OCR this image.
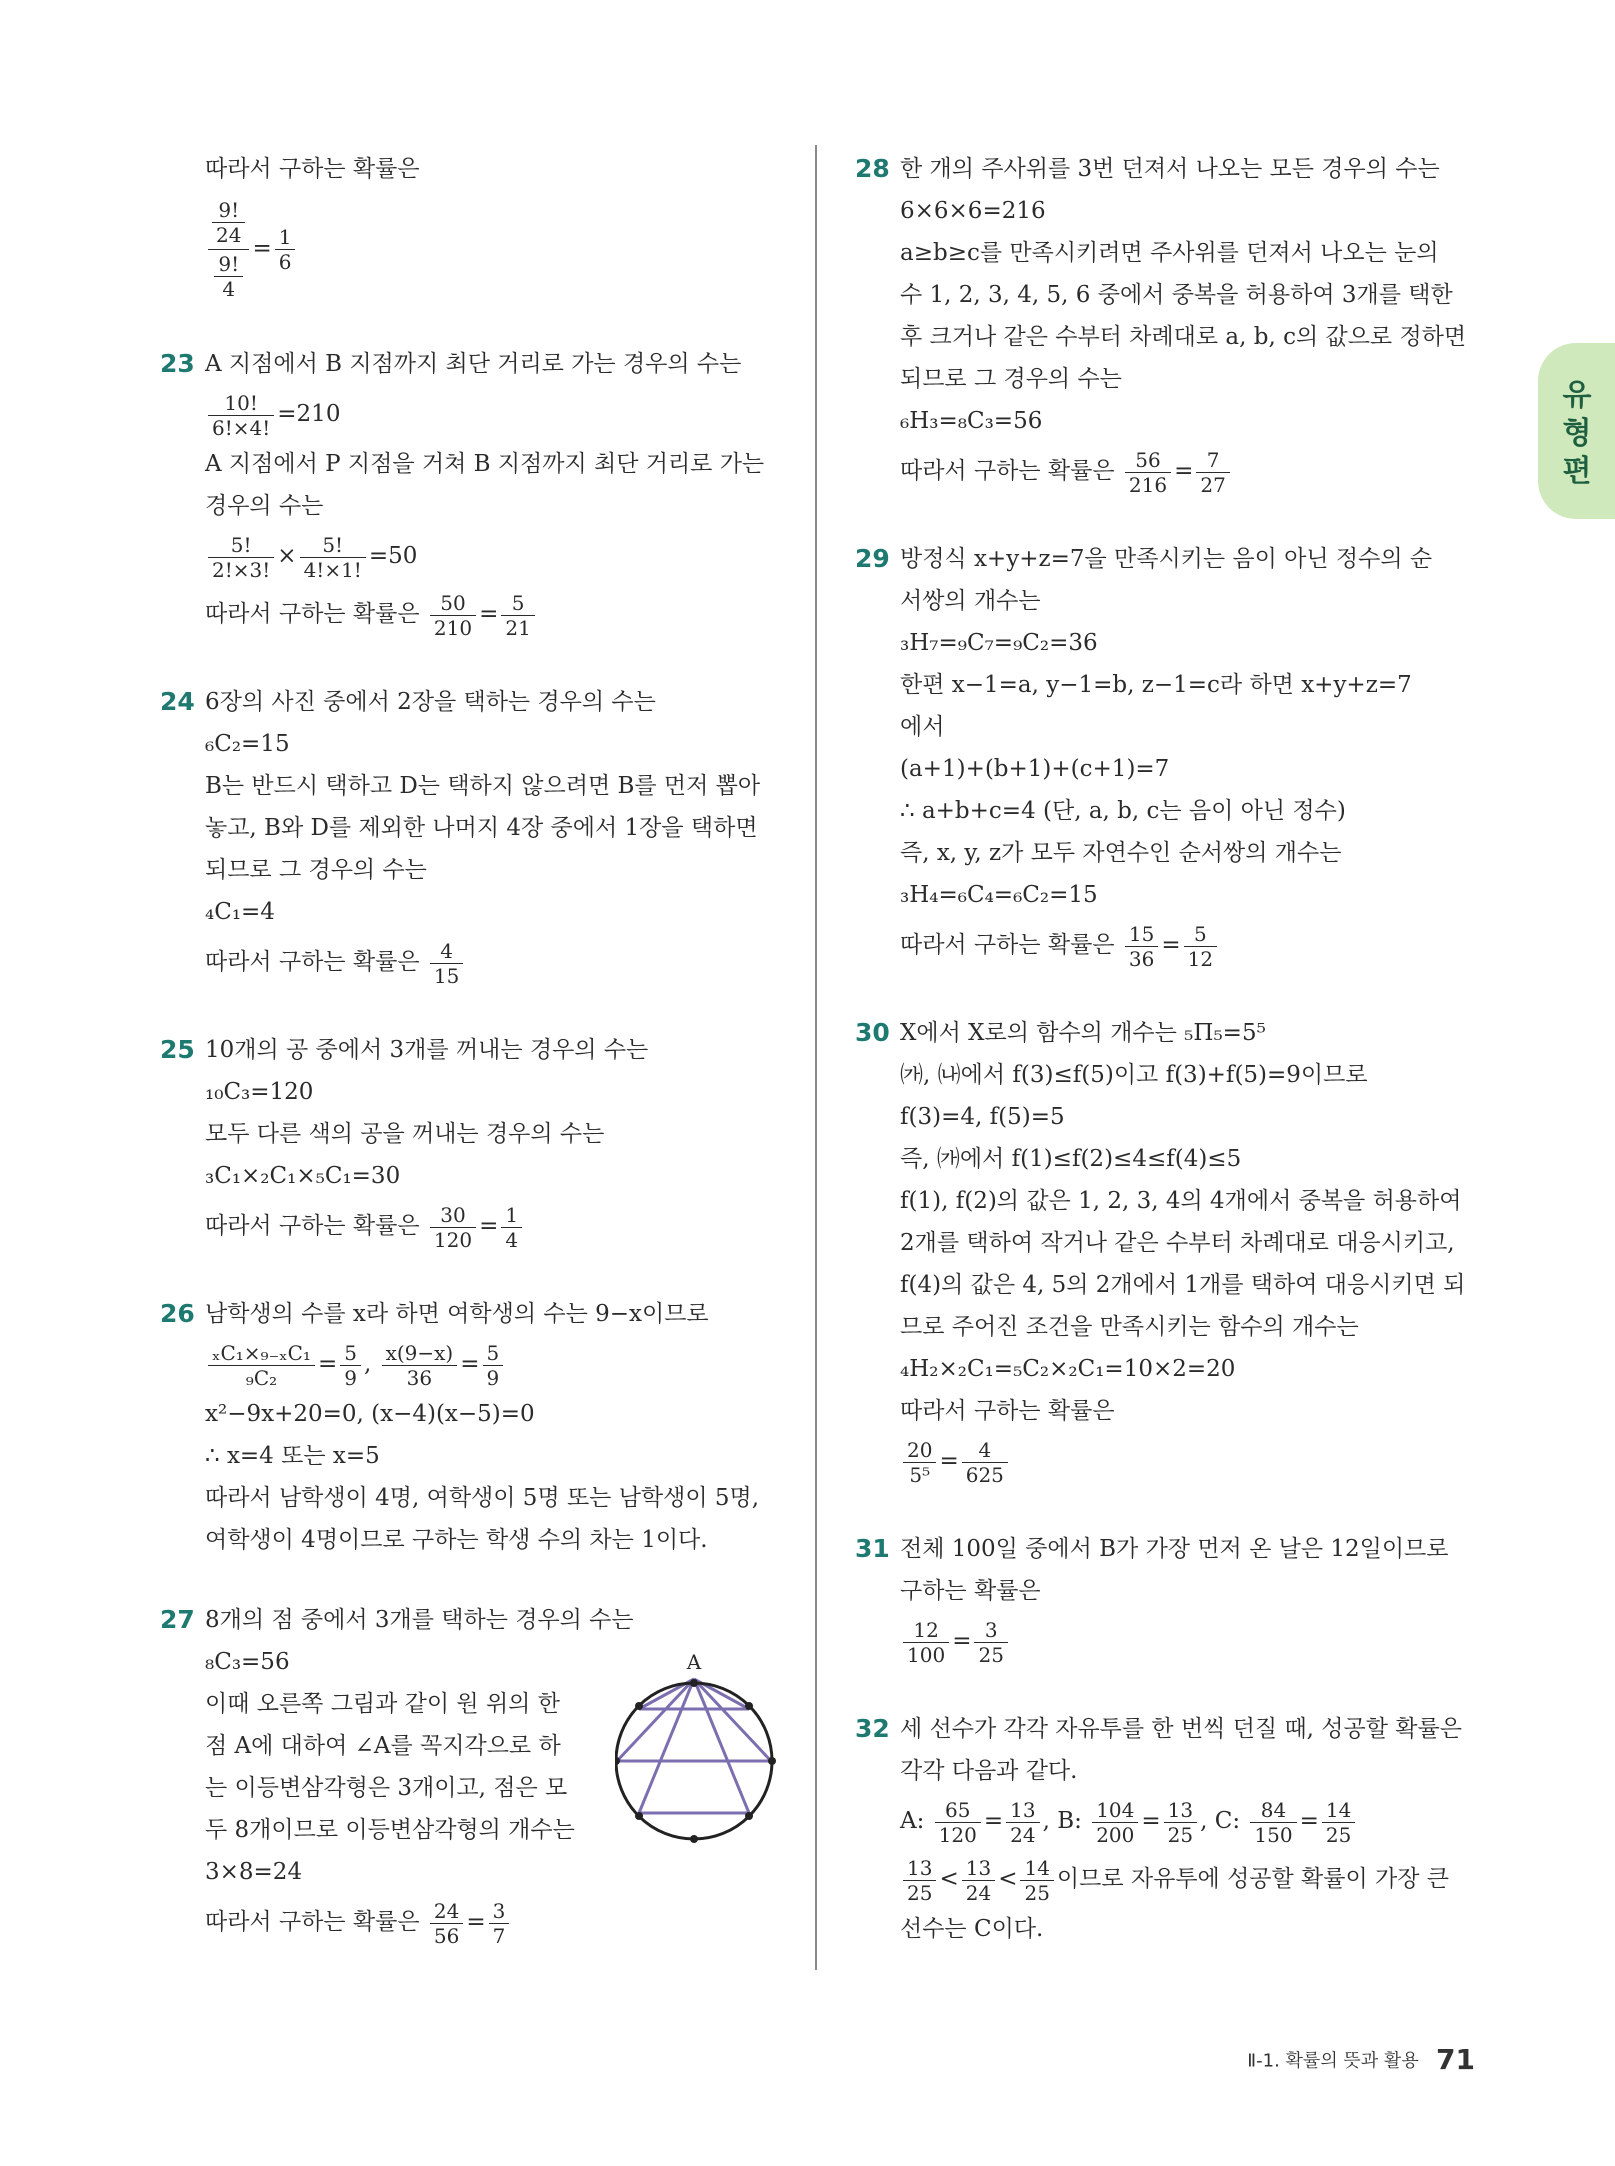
유형편
따라서 구하는 확률은
$\frac{\frac{9!}{24}}{\frac{9!}{4}} = \frac{1}{6}$
23 A 지점에서 B 지점까지 최단 거리로 가는 경우의 수는
$\frac{10!}{6!\times 4!} =210$
A 지점에서 P 지점을 거쳐 B 지점까지 최단 거리로 가는
경우의 수는
$\frac{5!}{2!\times 3!} \times \frac{5!}{4!\times 1!} =50$
따라서 구하는 확률은 $\frac{50}{210} = \frac{5}{21}$
24 6장의 사진 중에서 2장을 택하는 경우의 수는
₆C₂=15
B는 반드시 택하고 D는 택하지 않으려면 B를 먼저 뽑아
놓고, B와 D를 제외한 나머지 4장 중에서 1장을 택하면
되므로 그 경우의 수는
₄C₁=4
따라서 구하는 확률은 $\frac{4}{15}$
25 10개의 공 중에서 3개를 꺼내는 경우의 수는
₁₀C₃=120
모두 다른 색의 공을 꺼내는 경우의 수는
₃C₁×₂C₁×₅C₁=30
따라서 구하는 확률은 $\frac{30}{120} = \frac{1}{4}$
26 남학생의 수를 x라 하면 여학생의 수는 9−x이므로
$\frac{\text{ₓC₁×₉₋ₓC₁}}{\text{₉C₂}} = \frac{5}{9}$ , $\frac{x(9-x)}{36} = \frac{5}{9}$
x²−9x+20=0, (x−4)(x−5)=0
∴ x=4 또는 x=5
따라서 남학생이 4명, 여학생이 5명 또는 남학생이 5명,
여학생이 4명이므로 구하는 학생 수의 차는 1이다.
27 8개의 점 중에서 3개를 택하는 경우의 수는
₈C₃=56
이때 오른쪽 그림과 같이 원 위의 한
점 A에 대하여 ∠A를 꼭지각으로 하
는 이등변삼각형은 3개이고, 점은 모
두 8개이므로 이등변삼각형의 개수는
3×8=24
따라서 구하는 확률은 $\frac{24}{56} = \frac{3}{7}$
A
28 한 개의 주사위를 3번 던져서 나오는 모든 경우의 수는
6×6×6=216
a≥b≥c를 만족시키려면 주사위를 던져서 나오는 눈의
수 1, 2, 3, 4, 5, 6 중에서 중복을 허용하여 3개를 택한
후 크거나 같은 수부터 차례대로 a, b, c의 값으로 정하면
되므로 그 경우의 수는
₆H₃=₈C₃=56
따라서 구하는 확률은 $\frac{56}{216} = \frac{7}{27}$
29 방정식 x+y+z=7을 만족시키는 음이 아닌 정수의 순
서쌍의 개수는
₃H₇=₉C₇=₉C₂=36
한편 x−1=a, y−1=b, z−1=c라 하면 x+y+z=7
에서
(a+1)+(b+1)+(c+1)=7
∴ a+b+c=4 (단, a, b, c는 음이 아닌 정수)
즉, x, y, z가 모두 자연수인 순서쌍의 개수는
₃H₄=₆C₄=₆C₂=15
따라서 구하는 확률은 $\frac{15}{36} = \frac{5}{12}$
30 X에서 X로의 함수의 개수는 ₅Π₅=5⁵
㈎, ㈏에서 f(3)≤f(5)이고 f(3)+f(5)=9이므로
f(3)=4, f(5)=5
즉, ㈎에서 f(1)≤f(2)≤4≤f(4)≤5
f(1), f(2)의 값은 1, 2, 3, 4의 4개에서 중복을 허용하여
2개를 택하여 작거나 같은 수부터 차례대로 대응시키고,
f(4)의 값은 4, 5의 2개에서 1개를 택하여 대응시키면 되
므로 주어진 조건을 만족시키는 함수의 개수는
₄H₂×₂C₁=₅C₂×₂C₁=10×2=20
따라서 구하는 확률은
$\frac{20}{\text{5⁵}} = \frac{4}{625}$
31 전체 100일 중에서 B가 가장 먼저 온 날은 12일이므로
구하는 확률은
$\frac{12}{100} = \frac{3}{25}$
32 세 선수가 각각 자유투를 한 번씩 던질 때, 성공할 확률은
각각 다음과 같다.
A: $\frac{65}{120} = \frac{13}{24}$ , B: $\frac{104}{200} = \frac{13}{25}$ , C: $\frac{84}{150} = \frac{14}{25}$
$\frac{13}{25} < \frac{13}{24} < \frac{14}{25}$ 이므로 자유투에 성공할 확률이 가장 큰
선수는 C이다.
Ⅱ-1. 확률의 뜻과 활용 71
